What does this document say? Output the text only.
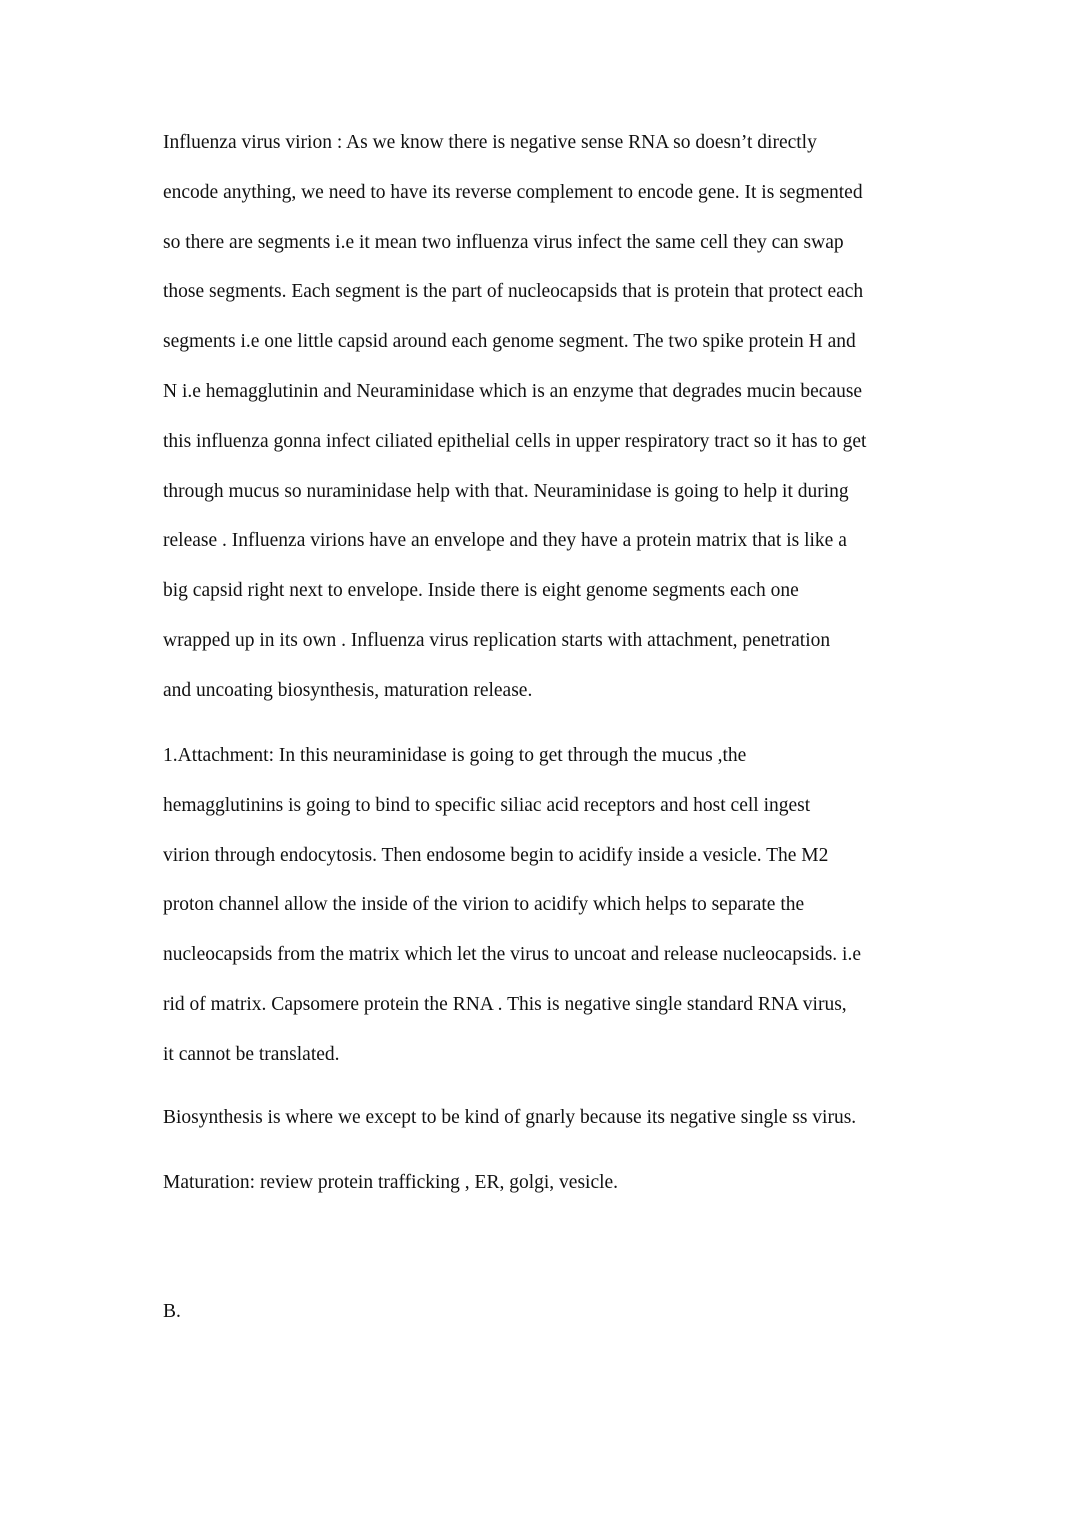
Influenza virus virion : As we know there is negative sense RNA so doesn’t directly
encode anything, we need to have its reverse complement to encode gene. It is segmented
so there are segments i.e it mean two influenza virus infect the same cell they can swap
those segments. Each segment is the part of nucleocapsids that is protein that protect each
segments i.e one little capsid around each genome segment. The two spike protein H and
N i.e hemagglutinin and Neuraminidase which is an enzyme that degrades mucin because
this influenza gonna infect ciliated epithelial cells in upper respiratory tract so it has to get
through mucus so nuraminidase help with that. Neuraminidase is going to help it during
release . Influenza virions have an envelope and they have a protein matrix that is like a
big capsid right next to envelope. Inside there is eight genome segments each one
wrapped up in its own . Influenza virus replication starts with attachment, penetration
and uncoating biosynthesis, maturation release.
1.Attachment: In this neuraminidase is going to get through the mucus ,the
hemagglutinins is going to bind to specific siliac acid receptors and host cell ingest
virion through endocytosis. Then endosome begin to acidify inside a vesicle. The M2
proton channel allow the inside of the virion to acidify which helps to separate the
nucleocapsids from the matrix which let the virus to uncoat and release nucleocapsids. i.e
rid of matrix. Capsomere protein the RNA . This is negative single standard RNA virus,
it cannot be translated.
Biosynthesis is where we except to be kind of gnarly because its negative single ss virus.
Maturation: review protein trafficking , ER, golgi, vesicle.
B.
